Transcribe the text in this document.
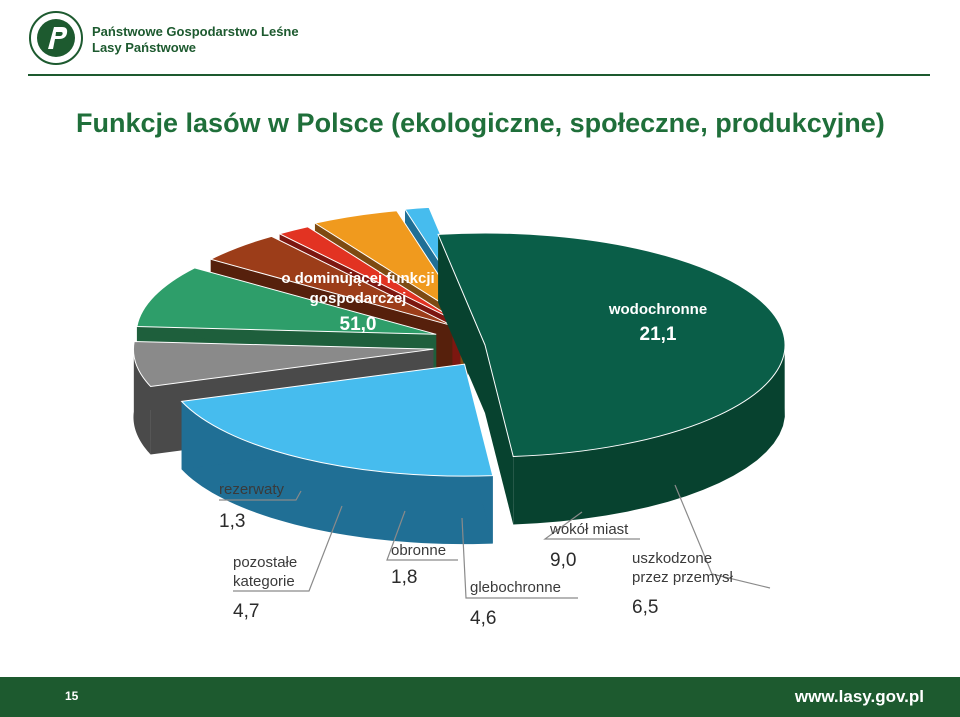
Państwowe Gospodarstwo Leśne
Lasy Państwowe
Funkcje lasów w Polsce (ekologiczne, społeczne, produkcyjne)
o dominującej funkcji
gospodarczej
51,0
wodochronne
21,1
uszkodzone
przez przemysł
6,5
wokół miast
9,0
glebochronne
4,6
obronne
1,8
pozostałe
kategorie
4,7
rezerwaty
1,3
15	www.lasy.gov.pl
